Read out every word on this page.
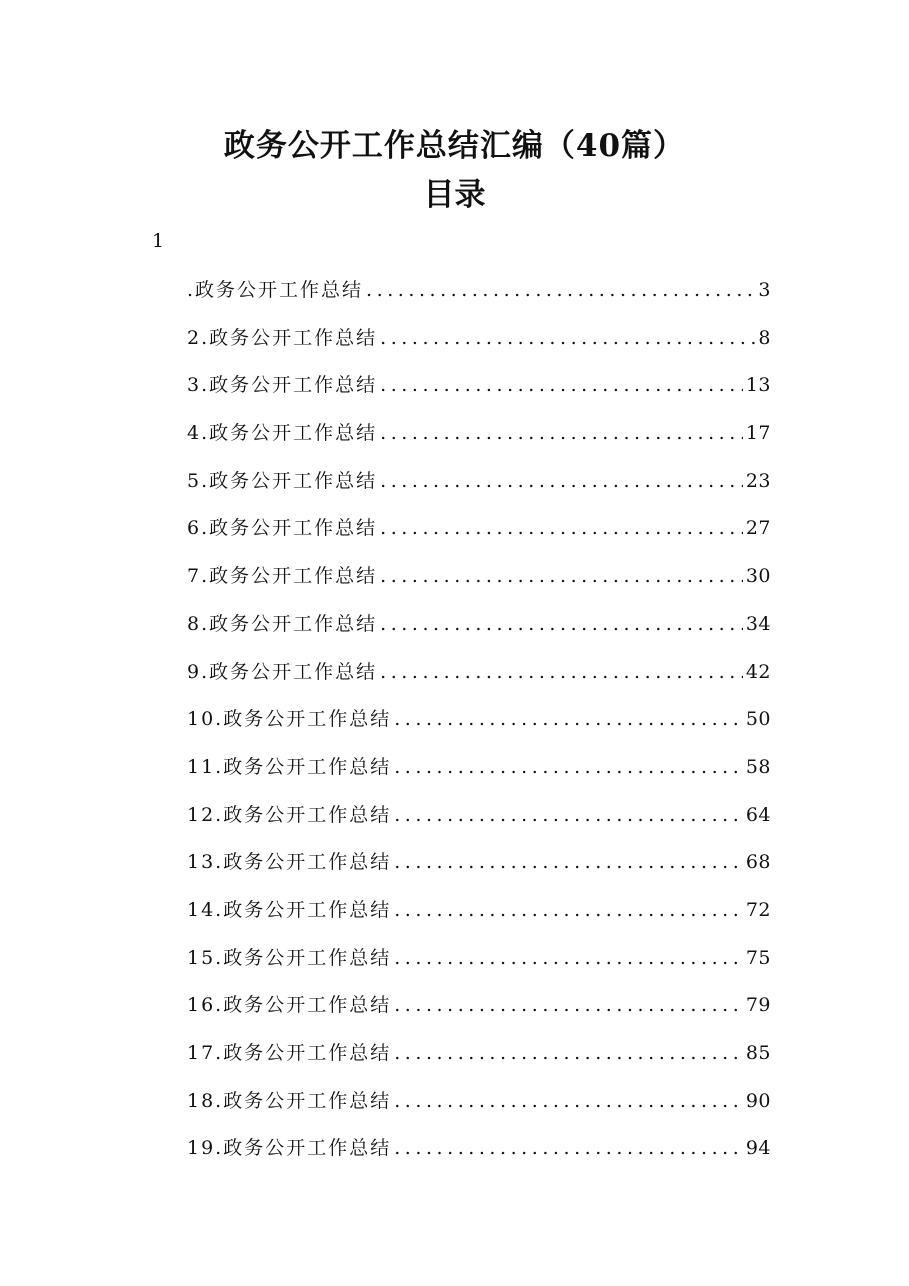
政务公开工作总结汇编（40篇）
目录
1
.政务公开工作总结 . . .	3
2.政务公开工作总结 . . .	8
3.政务公开工作总结 . . .	13
4.政务公开工作总结 . . .	17
5.政务公开工作总结 . . .	23
6.政务公开工作总结 . . .	27
7.政务公开工作总结 . . .	30
8.政务公开工作总结 . . .	34
9.政务公开工作总结 . . .	42
10.政务公开工作总结 . . .	50
11.政务公开工作总结 . . .	58
12.政务公开工作总结 . . .	64
13.政务公开工作总结 . . .	68
14.政务公开工作总结 . . .	72
15.政务公开工作总结 . . .	75
16.政务公开工作总结 . . .	79
17.政务公开工作总结 . . .	85
18.政务公开工作总结 . . .	90
19.政务公开工作总结 . . .	94
